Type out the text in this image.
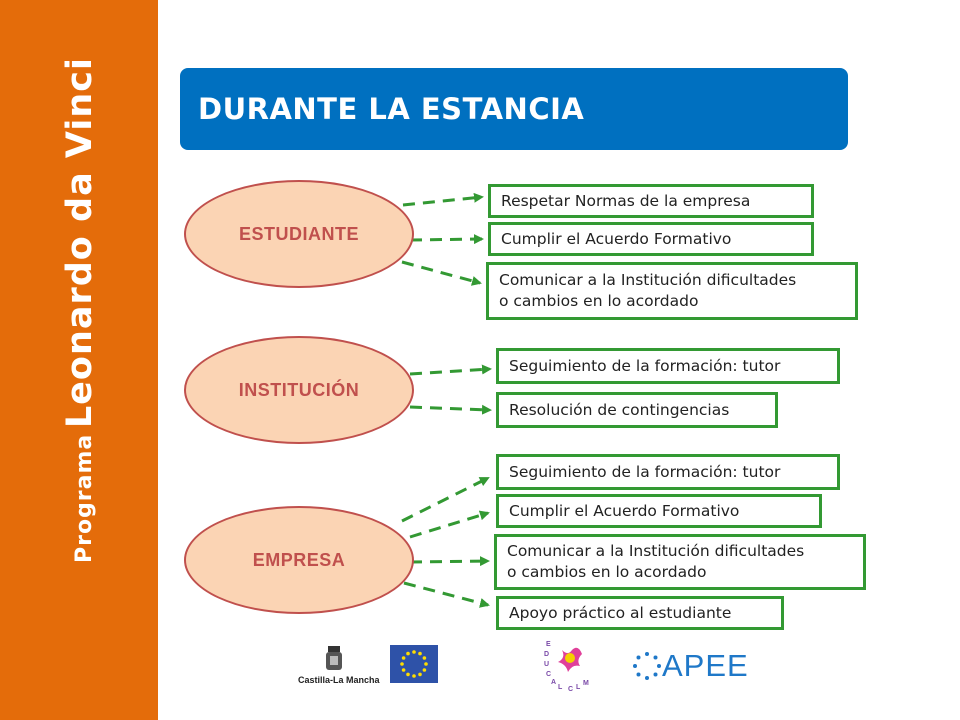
Programa Leonardo da Vinci	DURANTE LA ESTANCIA
ESTUDIANTE
Respetar Normas de la empresa
Cumplir el Acuerdo Formativo
Comunicar a la Institución dificultades
o cambios en lo acordado
INSTITUCIÓN
Seguimiento de la formación: tutor
Resolución de contingencias
EMPRESA
Seguimiento de la formación: tutor
Cumplir el Acuerdo Formativo
Comunicar a la Institución dificultades
o cambios en lo acordado
Apoyo práctico al estudiante
Castilla-La Mancha
E
D
U
C
A
L C L
M
APEE
